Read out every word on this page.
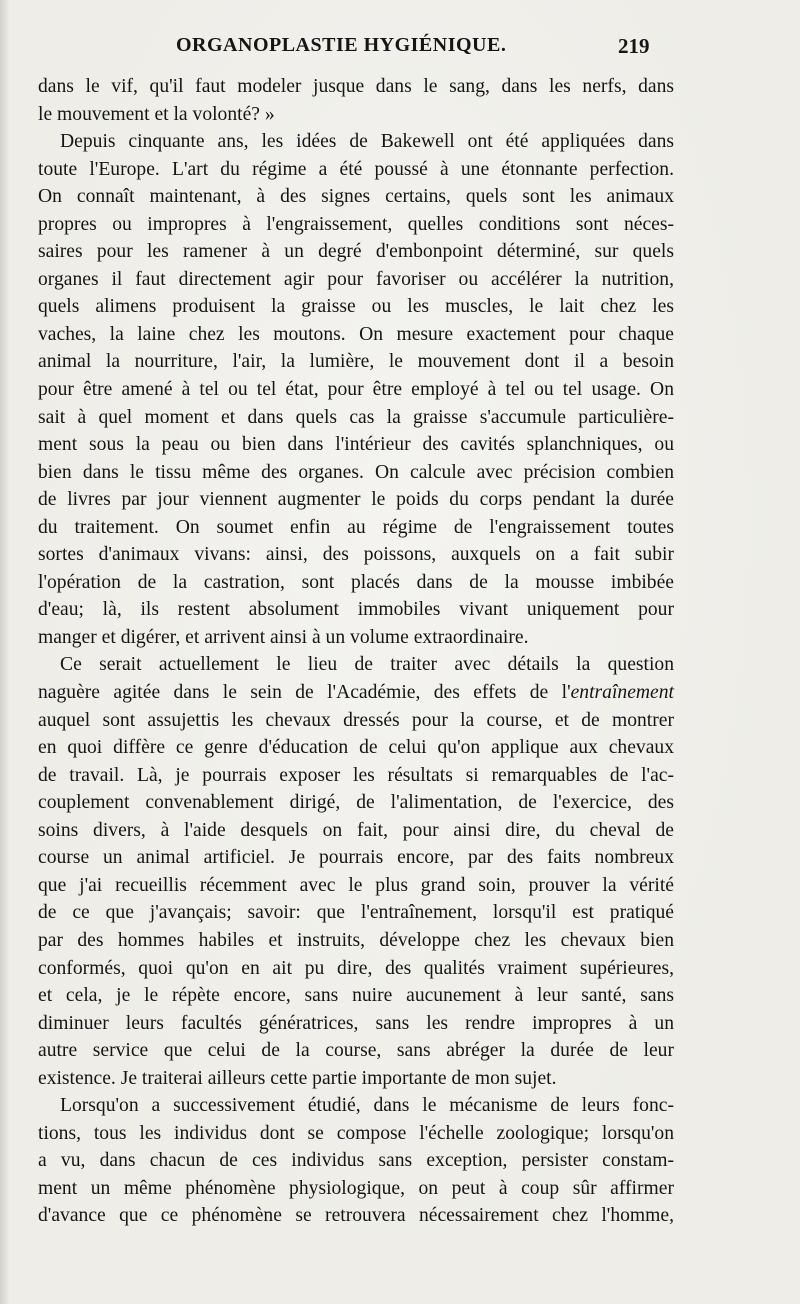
ORGANOPLASTIE HYGIÉNIQUE.	219
dans le vif, qu'il faut modeler jusque dans le sang, dans les nerfs, dans
le mouvement et la volonté? »
Depuis cinquante ans, les idées de Bakewell ont été appliquées dans
toute l'Europe. L'art du régime a été poussé à une étonnante perfection.
On connaît maintenant, à des signes certains, quels sont les animaux
propres ou impropres à l'engraissement, quelles conditions sont néces-
saires pour les ramener à un degré d'embonpoint déterminé, sur quels
organes il faut directement agir pour favoriser ou accélérer la nutrition,
quels alimens produisent la graisse ou les muscles, le lait chez les
vaches, la laine chez les moutons. On mesure exactement pour chaque
animal la nourriture, l'air, la lumière, le mouvement dont il a besoin
pour être amené à tel ou tel état, pour être employé à tel ou tel usage. On
sait à quel moment et dans quels cas la graisse s'accumule particulière-
ment sous la peau ou bien dans l'intérieur des cavités splanchniques, ou
bien dans le tissu même des organes. On calcule avec précision combien
de livres par jour viennent augmenter le poids du corps pendant la durée
du traitement. On soumet enfin au régime de l'engraissement toutes
sortes d'animaux vivans: ainsi, des poissons, auxquels on a fait subir
l'opération de la castration, sont placés dans de la mousse imbibée
d'eau; là, ils restent absolument immobiles vivant uniquement pour
manger et digérer, et arrivent ainsi à un volume extraordinaire.
Ce serait actuellement le lieu de traiter avec détails la question
naguère agitée dans le sein de l'Académie, des effets de l'entraînement
auquel sont assujettis les chevaux dressés pour la course, et de montrer
en quoi diffère ce genre d'éducation de celui qu'on applique aux chevaux
de travail. Là, je pourrais exposer les résultats si remarquables de l'ac-
couplement convenablement dirigé, de l'alimentation, de l'exercice, des
soins divers, à l'aide desquels on fait, pour ainsi dire, du cheval de
course un animal artificiel. Je pourrais encore, par des faits nombreux
que j'ai recueillis récemment avec le plus grand soin, prouver la vérité
de ce que j'avançais; savoir: que l'entraînement, lorsqu'il est pratiqué
par des hommes habiles et instruits, développe chez les chevaux bien
conformés, quoi qu'on en ait pu dire, des qualités vraiment supérieures,
et cela, je le répète encore, sans nuire aucunement à leur santé, sans
diminuer leurs facultés génératrices, sans les rendre impropres à un
autre service que celui de la course, sans abréger la durée de leur
existence. Je traiterai ailleurs cette partie importante de mon sujet.
Lorsqu'on a successivement étudié, dans le mécanisme de leurs fonc-
tions, tous les individus dont se compose l'échelle zoologique; lorsqu'on
a vu, dans chacun de ces individus sans exception, persister constam-
ment un même phénomène physiologique, on peut à coup sûr affirmer
d'avance que ce phénomène se retrouvera nécessairement chez l'homme,
